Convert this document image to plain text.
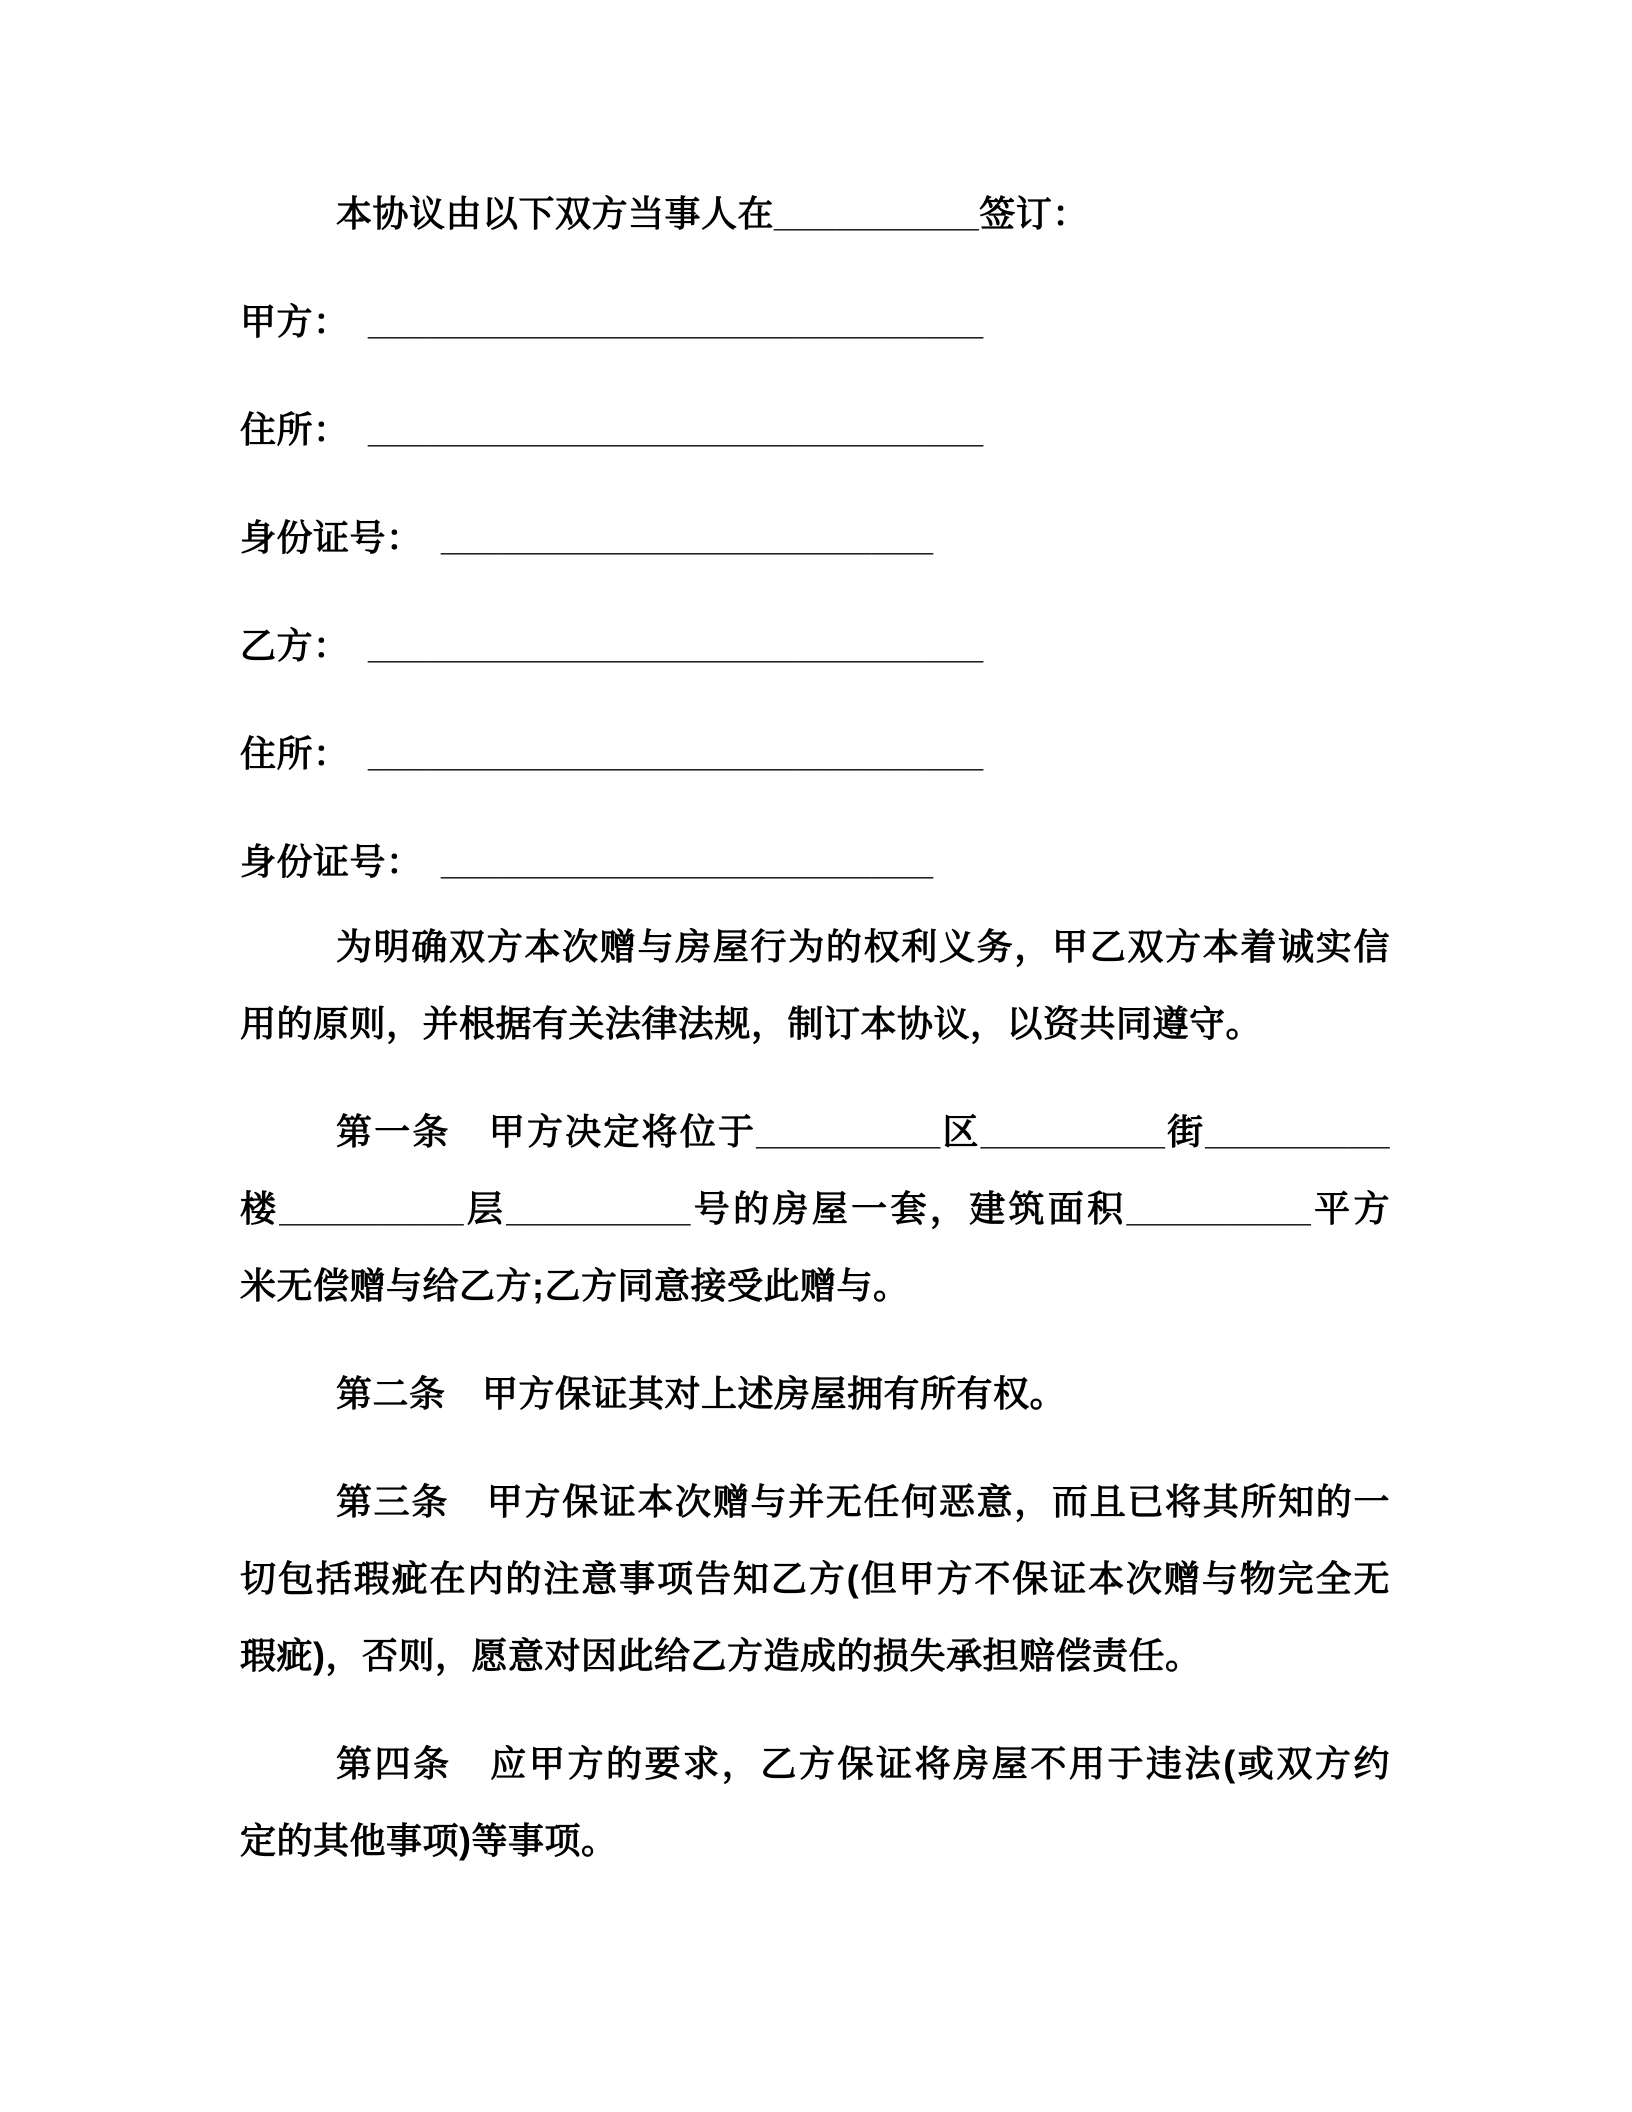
本协议由以下双方当事人在__________签订：
甲方：　______________________________
住所：　______________________________
身份证号：　________________________
乙方：　______________________________
住所：　______________________________
身份证号：　________________________
为明确双方本次赠与房屋行为的权利义务，甲乙双方本着诚实信
用的原则，并根据有关法律法规，制订本协议，以资共同遵守。
第一条　甲方决定将位于_________区_________街_________
楼_________层_________号的房屋一套，建筑面积_________平方
米无偿赠与给乙方;乙方同意接受此赠与。
第二条　甲方保证其对上述房屋拥有所有权。
第三条　甲方保证本次赠与并无任何恶意，而且已将其所知的一
切包括瑕疵在内的注意事项告知乙方(但甲方不保证本次赠与物完全无
瑕疵)，否则，愿意对因此给乙方造成的损失承担赔偿责任。
第四条　应甲方的要求，乙方保证将房屋不用于违法(或双方约
定的其他事项)等事项。
